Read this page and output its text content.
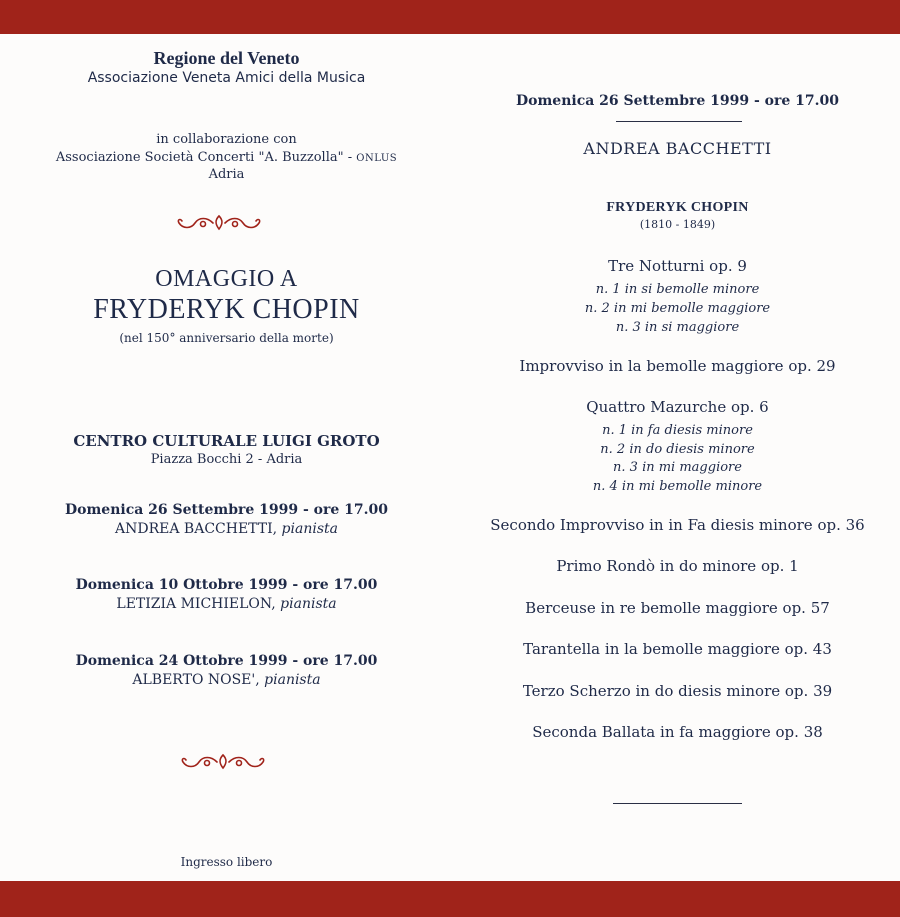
Regione del Veneto
Associazione Veneta Amici della Musica
in collaborazione con
Associazione Società Concerti "A. Buzzolla" - ONLUS
Adria
OMAGGIO A
FRYDERYK CHOPIN
(nel 150° anniversario della morte)
CENTRO CULTURALE LUIGI GROTO
Piazza Bocchi 2 - Adria
Domenica 26 Settembre 1999 - ore 17.00
ANDREA BACCHETTI, pianista
Domenica 10 Ottobre 1999 - ore 17.00
LETIZIA MICHIELON, pianista
Domenica 24 Ottobre 1999 - ore 17.00
ALBERTO NOSE', pianista
Ingresso libero
Domenica 26 Settembre 1999 - ore 17.00
ANDREA BACCHETTI
FRYDERYK CHOPIN
(1810 - 1849)
Tre Notturni op. 9
n. 1 in si bemolle minore
n. 2 in mi bemolle maggiore
n. 3 in si maggiore
Improvviso in la bemolle maggiore op. 29
Quattro Mazurche op. 6
n. 1 in fa diesis minore
n. 2 in do diesis minore
n. 3 in mi maggiore
n. 4 in mi bemolle minore
Secondo Improvviso in in Fa diesis minore op. 36
Primo Rondò in do minore op. 1
Berceuse in re bemolle maggiore op. 57
Tarantella in la bemolle maggiore op. 43
Terzo Scherzo in do diesis minore op. 39
Seconda Ballata in fa maggiore op. 38
